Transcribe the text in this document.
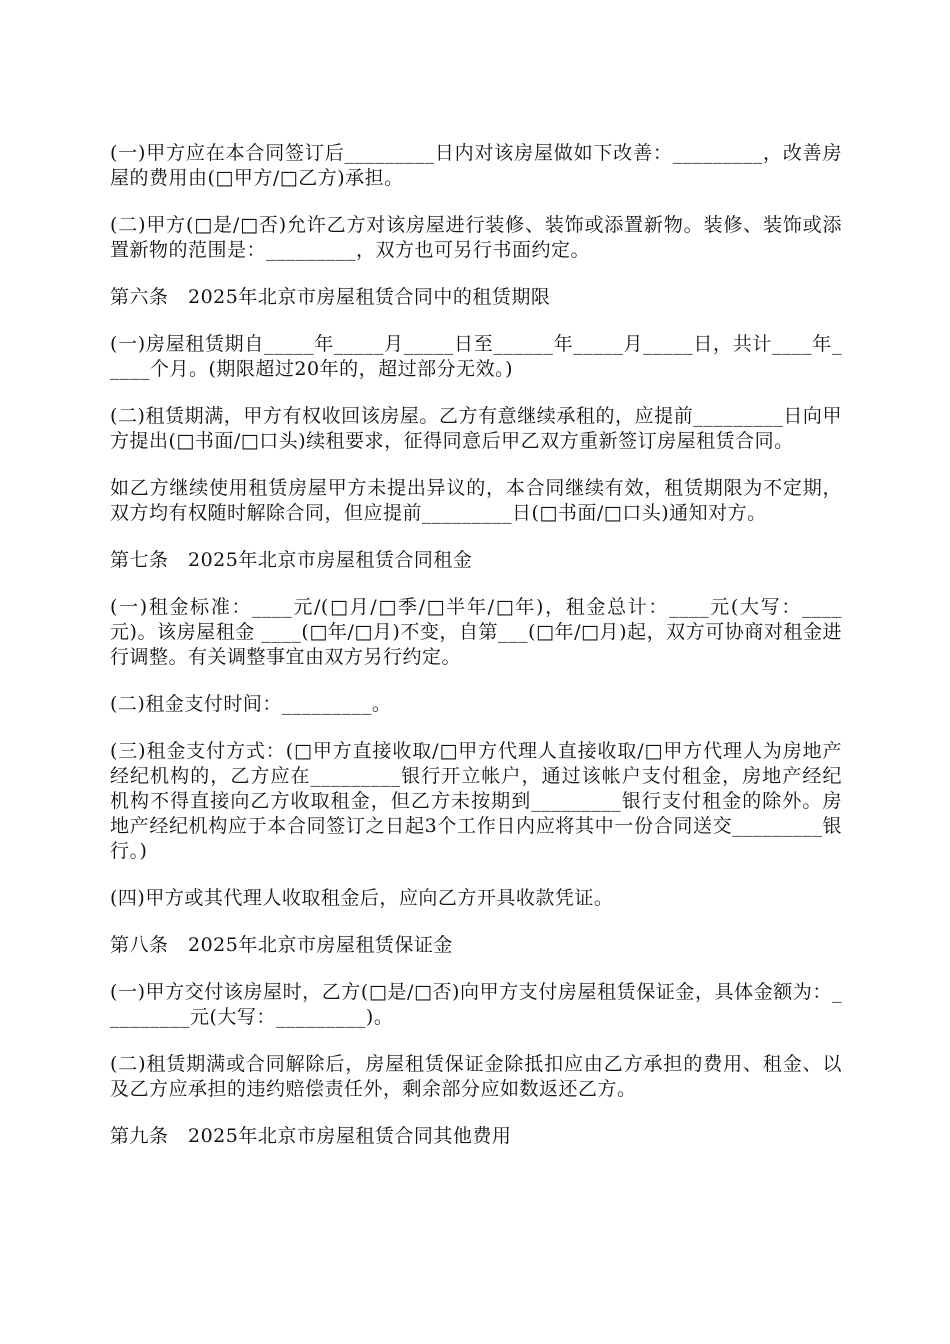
(一)甲方应在本合同签订后_________日内对该房屋做如下改善：_________，改善房屋的费用由(□甲方/□乙方)承担。

(二)甲方(□是/□否)允许乙方对该房屋进行装修、装饰或添置新物。装修、装饰或添置新物的范围是：_________，双方也可另行书面约定。

第六条　2025年北京市房屋租赁合同中的租赁期限

(一)房屋租赁期自_____年_____月_____日至______年_____月_____日，共计____年_____个月。(期限超过20年的，超过部分无效。)

(二)租赁期满，甲方有权收回该房屋。乙方有意继续承租的，应提前_________日向甲方提出(□书面/□口头)续租要求，征得同意后甲乙双方重新签订房屋租赁合同。

如乙方继续使用租赁房屋甲方未提出异议的，本合同继续有效，租赁期限为不定期，双方均有权随时解除合同，但应提前_________日(□书面/□口头)通知对方。

第七条　2025年北京市房屋租赁合同租金

(一)租金标准：____元/(□月/□季/□半年/□年)，租金总计：____元(大写：____元)。该房屋租金 ____(□年/□月)不变，自第___(□年/□月)起，双方可协商对租金进行调整。有关调整事宜由双方另行约定。

(二)租金支付时间：_________。

(三)租金支付方式：(□甲方直接收取/□甲方代理人直接收取/□甲方代理人为房地产经纪机构的，乙方应在_________银行开立帐户，通过该帐户支付租金，房地产经纪机构不得直接向乙方收取租金，但乙方未按期到_________银行支付租金的除外。房地产经纪机构应于本合同签订之日起3个工作日内应将其中一份合同送交_________银行。)

(四)甲方或其代理人收取租金后，应向乙方开具收款凭证。

第八条　2025年北京市房屋租赁保证金

(一)甲方交付该房屋时，乙方(□是/□否)向甲方支付房屋租赁保证金，具体金额为：_________元(大写：_________)。

(二)租赁期满或合同解除后，房屋租赁保证金除抵扣应由乙方承担的费用、租金、以及乙方应承担的违约赔偿责任外，剩余部分应如数返还乙方。

第九条　2025年北京市房屋租赁合同其他费用
